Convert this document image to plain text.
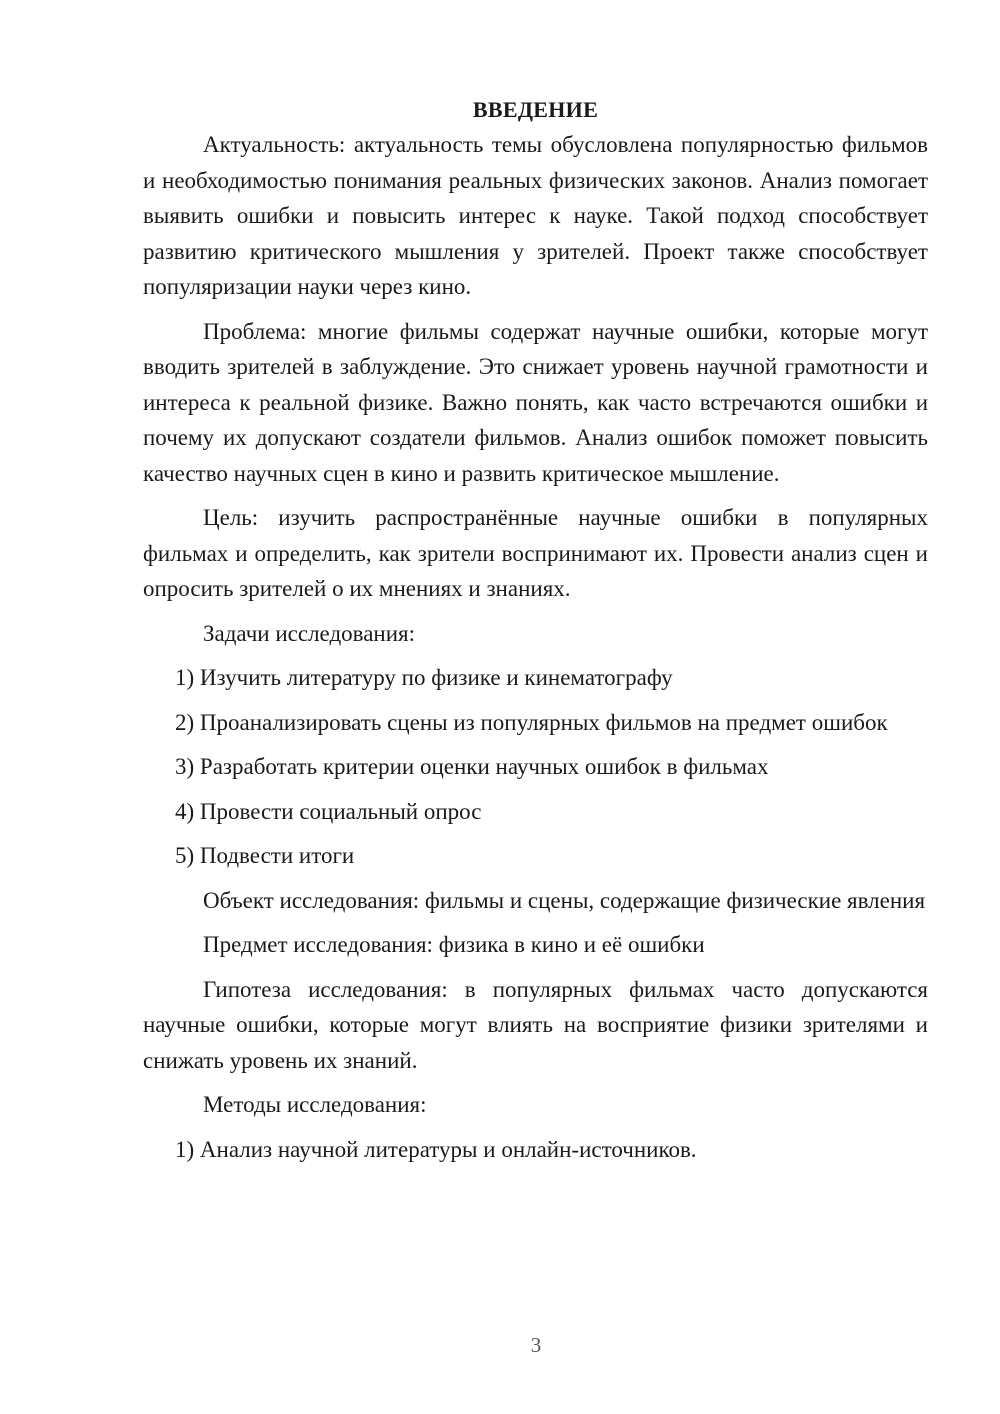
ВВЕДЕНИЕ

Актуальность: актуальность темы обусловлена популярностью фильмов и необходимостью понимания реальных физических законов. Анализ помогает выявить ошибки и повысить интерес к науке. Такой подход способствует развитию критического мышления у зрителей. Проект также способствует популяризации науки через кино.

Проблема: многие фильмы содержат научные ошибки, которые могут вводить зрителей в заблуждение. Это снижает уровень научной грамотности и интереса к реальной физике. Важно понять, как часто встречаются ошибки и почему их допускают создатели фильмов. Анализ ошибок поможет повысить качество научных сцен в кино и развить критическое мышление.

Цель: изучить распространённые научные ошибки в популярных фильмах и определить, как зрители воспринимают их. Провести анализ сцен и опросить зрителей о их мнениях и знаниях.

Задачи исследования:

1) Изучить литературу по физике и кинематографу

2) Проанализировать сцены из популярных фильмов на предмет ошибок

3) Разработать критерии оценки научных ошибок в фильмах

4) Провести социальный опрос

5) Подвести итоги

Объект исследования: фильмы и сцены, содержащие физические явления

Предмет исследования: физика в кино и её ошибки

Гипотеза исследования: в популярных фильмах часто допускаются научные ошибки, которые могут влиять на восприятие физики зрителями и снижать уровень их знаний.

Методы исследования:

1) Анализ научной литературы и онлайн-источников.

3
